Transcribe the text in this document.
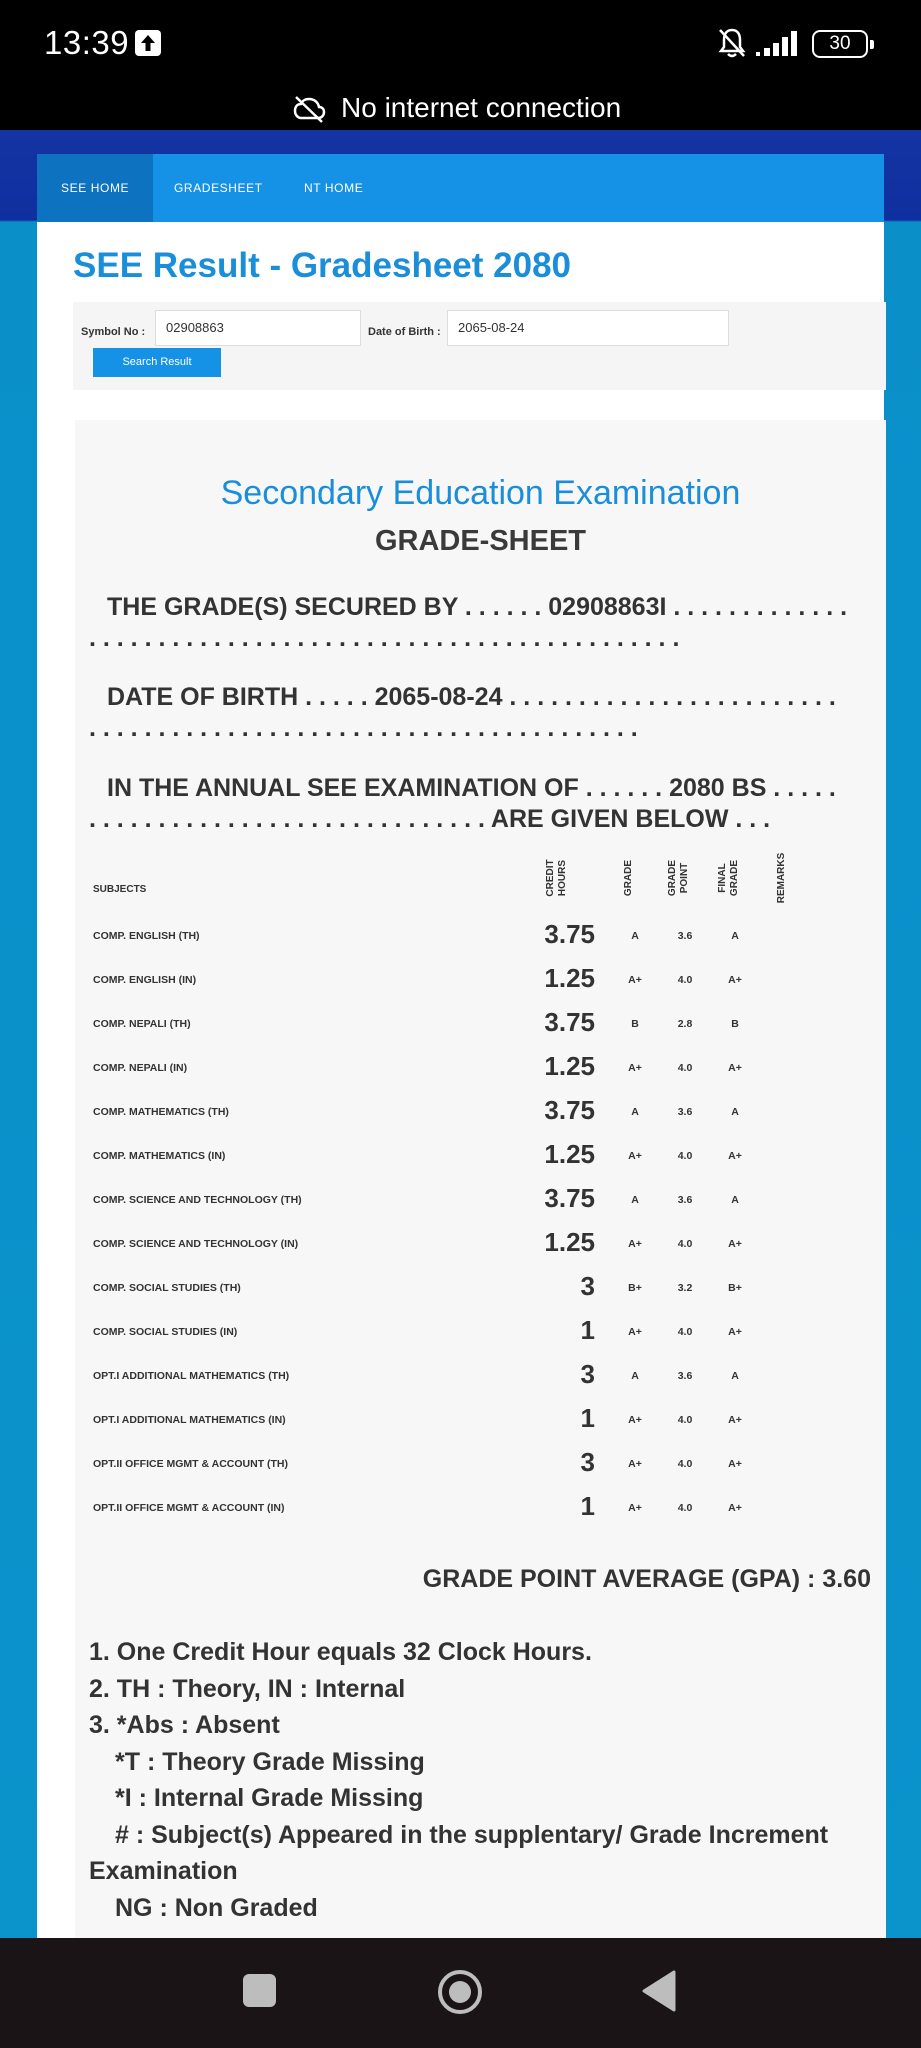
13:39	30
No internet connection
SEE HOME	GRADESHEET	NT HOME
SEE Result - Gradesheet 2080
Symbol No :	02908863	Date of Birth :	2065-08-24
Search Result
Secondary Education Examination
GRADE-SHEET
THE GRADE(S) SECURED BY . . . . . . 02908863I . . . . . . . . . . . . .
. . . . . . . . . . . . . . . . . . . . . . . . . . . . . . . . . . . . . . . . . . .
DATE OF BIRTH . . . . . 2065-08-24 . . . . . . . . . . . . . . . . . . . . . . . .
. . . . . . . . . . . . . . . . . . . . . . . . . . . . . . . . . . . . . . . .
IN THE ANNUAL SEE EXAMINATION OF . . . . . . 2080 BS . . . . .
. . . . . . . . . . . . . . . . . . . . . . . . . . . . . ARE GIVEN BELOW . . .
SUBJECTS	CREDIT HOURS	GRADE	GRADE POINT	FINAL GRADE	REMARKS
COMP. ENGLISH (TH)	3.75	A	3.6	A
COMP. ENGLISH (IN)	1.25	A+	4.0	A+
COMP. NEPALI (TH)	3.75	B	2.8	B
COMP. NEPALI (IN)	1.25	A+	4.0	A+
COMP. MATHEMATICS (TH)	3.75	A	3.6	A
COMP. MATHEMATICS (IN)	1.25	A+	4.0	A+
COMP. SCIENCE AND TECHNOLOGY (TH)	3.75	A	3.6	A
COMP. SCIENCE AND TECHNOLOGY (IN)	1.25	A+	4.0	A+
COMP. SOCIAL STUDIES (TH)	3	B+	3.2	B+
COMP. SOCIAL STUDIES (IN)	1	A+	4.0	A+
OPT.I ADDITIONAL MATHEMATICS (TH)	3	A	3.6	A
OPT.I ADDITIONAL MATHEMATICS (IN)	1	A+	4.0	A+
OPT.II OFFICE MGMT & ACCOUNT (TH)	3	A+	4.0	A+
OPT.II OFFICE MGMT & ACCOUNT (IN)	1	A+	4.0	A+
GRADE POINT AVERAGE (GPA) : 3.60
1. One Credit Hour equals 32 Clock Hours.
2. TH : Theory, IN : Internal
3. *Abs : Absent
*T : Theory Grade Missing
*I : Internal Grade Missing
# : Subject(s) Appeared in the supplentary/ Grade Increment
Examination
NG : Non Graded
